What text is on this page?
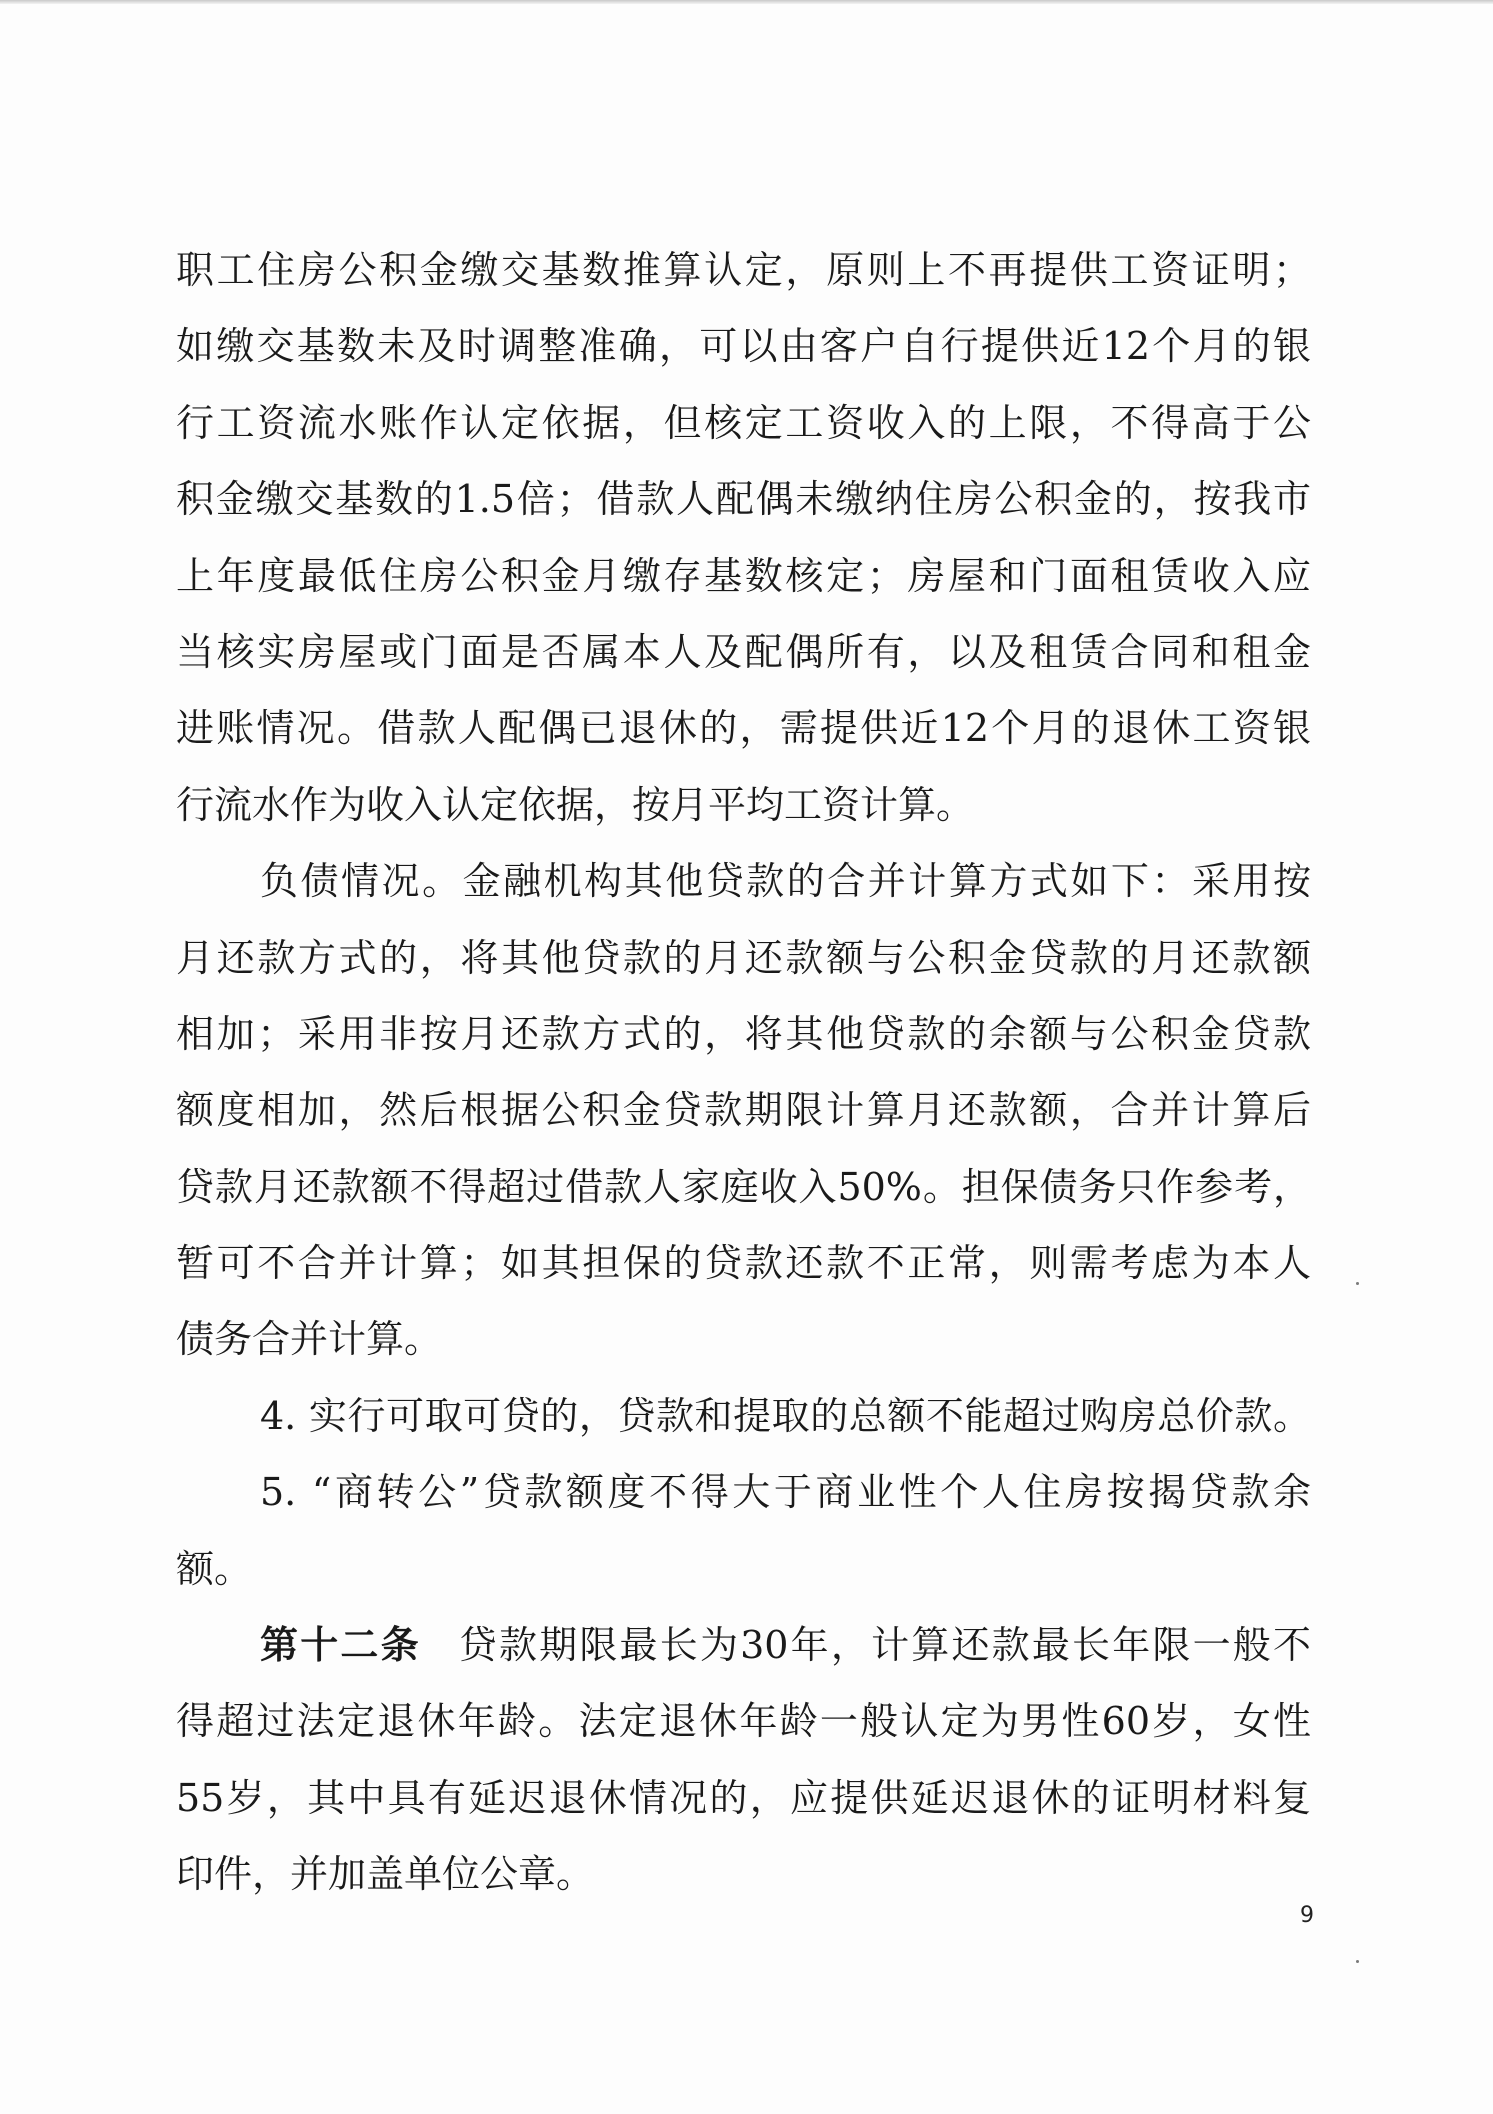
职工住房公积金缴交基数推算认定，原则上不再提供工资证明；
如缴交基数未及时调整准确，可以由客户自行提供近12个月的银
行工资流水账作认定依据，但核定工资收入的上限，不得高于公
积金缴交基数的1.5倍；借款人配偶未缴纳住房公积金的，按我市
上年度最低住房公积金月缴存基数核定；房屋和门面租赁收入应
当核实房屋或门面是否属本人及配偶所有，以及租赁合同和租金
进账情况。借款人配偶已退休的，需提供近12个月的退休工资银
行流水作为收入认定依据，按月平均工资计算。
负债情况。金融机构其他贷款的合并计算方式如下：采用按
月还款方式的，将其他贷款的月还款额与公积金贷款的月还款额
相加；采用非按月还款方式的，将其他贷款的余额与公积金贷款
额度相加，然后根据公积金贷款期限计算月还款额，合并计算后
贷款月还款额不得超过借款人家庭收入50%。担保债务只作参考，
暂可不合并计算；如其担保的贷款还款不正常，则需考虑为本人
债务合并计算。
4. 实行可取可贷的，贷款和提取的总额不能超过购房总价款。
5. “商转公”贷款额度不得大于商业性个人住房按揭贷款余
额。
第十二条 贷款期限最长为30年，计算还款最长年限一般不
得超过法定退休年龄。法定退休年龄一般认定为男性60岁，女性
55岁，其中具有延迟退休情况的，应提供延迟退休的证明材料复
印件，并加盖单位公章。
9
